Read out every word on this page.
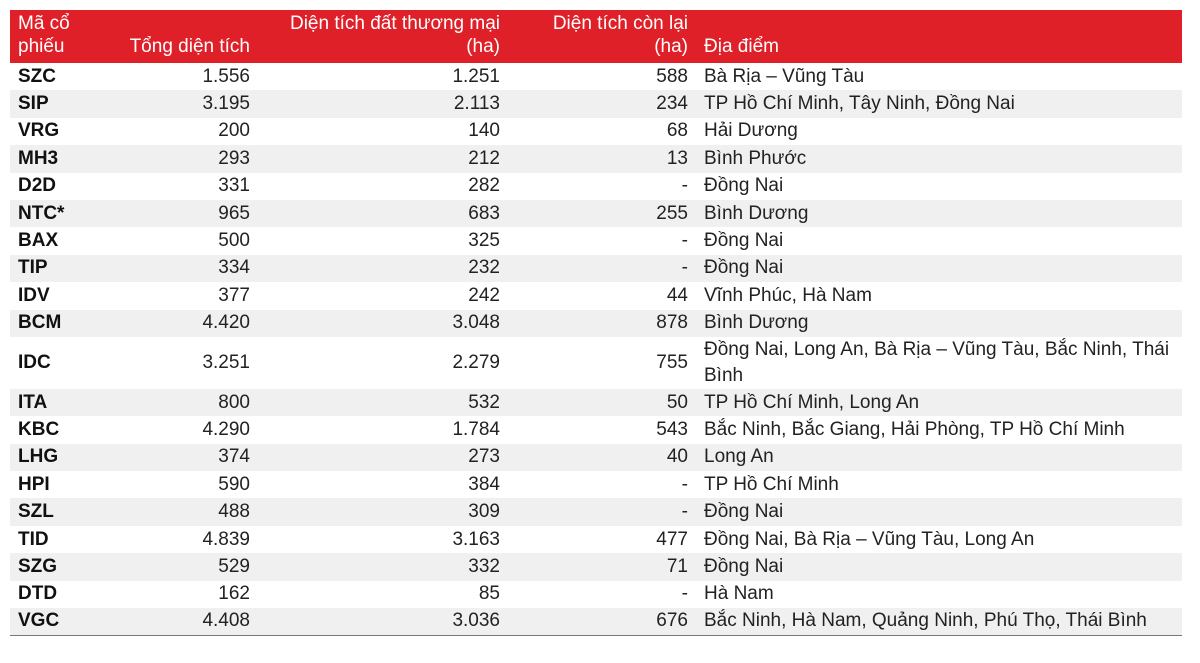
Mã cổ phiếu	Tổng diện tích	Diện tích đất thương mại (ha)	Diện tích còn lại (ha)	Địa điểm
SZC	1.556	1.251	588	Bà Rịa – Vũng Tàu
SIP	3.195	2.113	234	TP Hồ Chí Minh, Tây Ninh, Đồng Nai
VRG	200	140	68	Hải Dương
MH3	293	212	13	Bình Phước
D2D	331	282	-	Đồng Nai
NTC*	965	683	255	Bình Dương
BAX	500	325	-	Đồng Nai
TIP	334	232	-	Đồng Nai
IDV	377	242	44	Vĩnh Phúc, Hà Nam
BCM	4.420	3.048	878	Bình Dương
IDC	3.251	2.279	755	Đồng Nai, Long An, Bà Rịa – Vũng Tàu, Bắc Ninh, Thái Bình
ITA	800	532	50	TP Hồ Chí Minh, Long An
KBC	4.290	1.784	543	Bắc Ninh, Bắc Giang, Hải Phòng, TP Hồ Chí Minh
LHG	374	273	40	Long An
HPI	590	384	-	TP Hồ Chí Minh
SZL	488	309	-	Đồng Nai
TID	4.839	3.163	477	Đồng Nai, Bà Rịa – Vũng Tàu, Long An
SZG	529	332	71	Đồng Nai
DTD	162	85	-	Hà Nam
VGC	4.408	3.036	676	Bắc Ninh, Hà Nam, Quảng Ninh, Phú Thọ, Thái Bình
